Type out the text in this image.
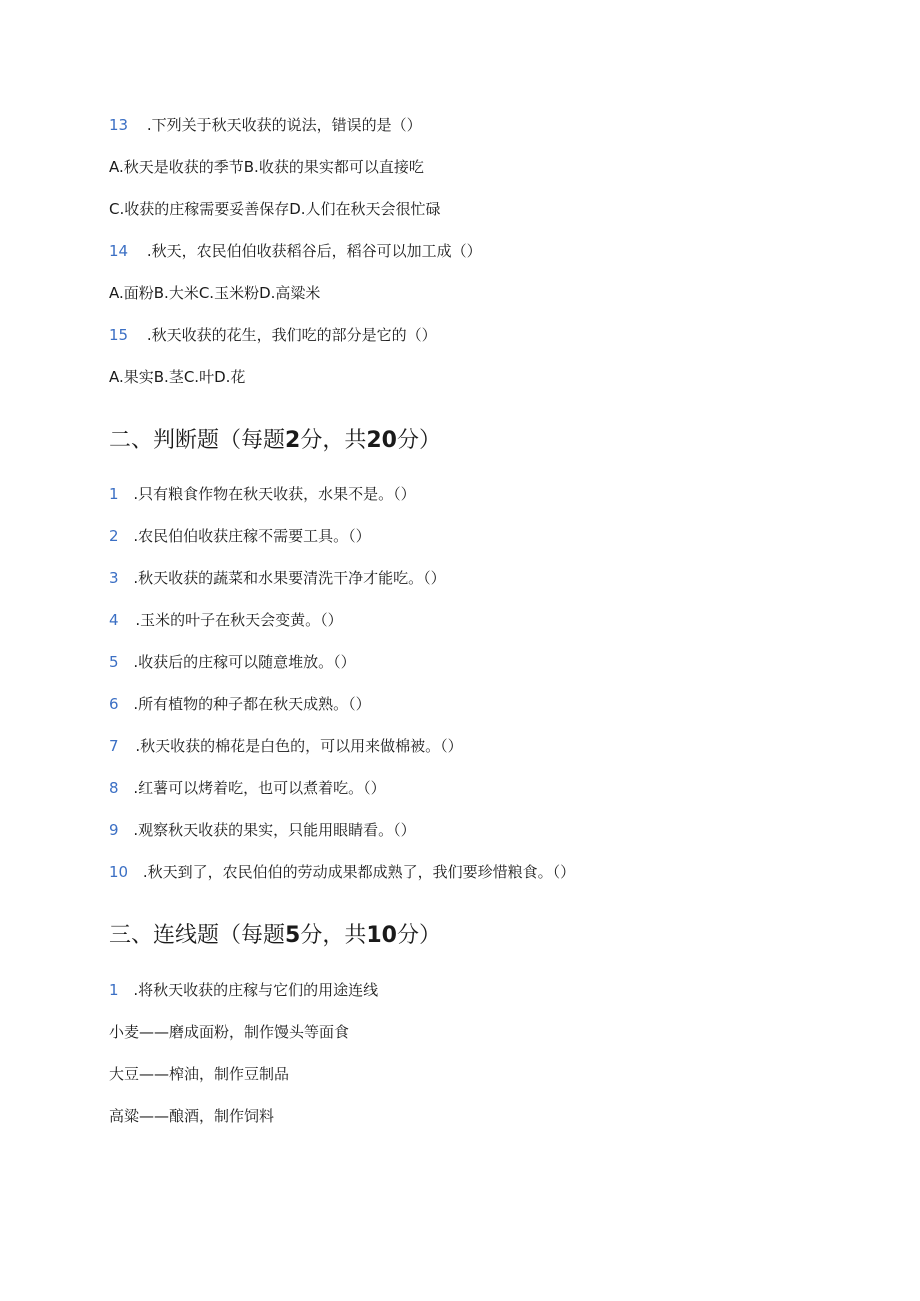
13 .下列关于秋天收获的说法，错误的是（）
A.秋天是收获的季节B.收获的果实都可以直接吃
C.收获的庄稼需要妥善保存D.人们在秋天会很忙碌
14 .秋天，农民伯伯收获稻谷后，稻谷可以加工成（）
A.面粉B.大米C.玉米粉D.高粱米
15 .秋天收获的花生，我们吃的部分是它的（）
A.果实B.茎C.叶D.花
二、判断题（每题2分，共20分）
1 .只有粮食作物在秋天收获，水果不是。（）
2 .农民伯伯收获庄稼不需要工具。（）
3 .秋天收获的蔬菜和水果要清洗干净才能吃。（）
4 .玉米的叶子在秋天会变黄。（）
5 .收获后的庄稼可以随意堆放。（）
6 .所有植物的种子都在秋天成熟。（）
7 .秋天收获的棉花是白色的，可以用来做棉被。（）
8 .红薯可以烤着吃，也可以煮着吃。（）
9 .观察秋天收获的果实，只能用眼睛看。（）
10 .秋天到了，农民伯伯的劳动成果都成熟了，我们要珍惜粮食。（）
三、连线题（每题5分，共10分）
1 .将秋天收获的庄稼与它们的用途连线
小麦——磨成面粉，制作馒头等面食
大豆——榨油，制作豆制品
高粱——酿酒，制作饲料
